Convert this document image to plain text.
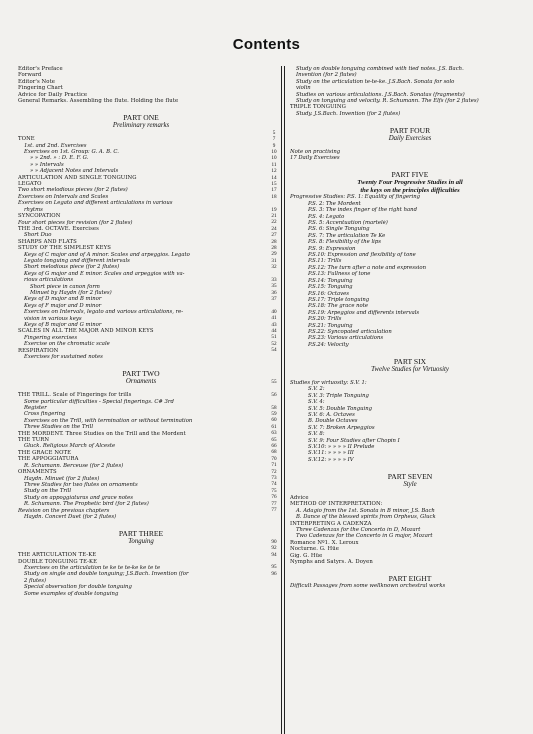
Contents
Editor's Preface
Forward
Editor's Note
Fingering Chart
Advice for Daily Practice
General Remarks. Assembling the flute. Holding the flute
PART ONE
Preliminary remarks
TONE
1st. and 2nd. Exercises
Exercises on 1st. Group: G. A. B. C.
» » 2nd. » : D. E. F. G.
» » Intervals
» » Adjacent Notes and Intervals
ARTICULATION AND SINGLE TONGUING
LEGATO
Two short melodious pieces (for 2 flutes)
Exercises on Intervals and Scales
Exercises on Legato and different articulations in various
rhytms
SYNCOPATION
Four short pieces for revision (for 2 flutes)
THE 3rd. OCTAVE. Exercises
Short Duo
SHARPS AND FLATS
STUDY OF THE SIMPLEST KEYS
Keys of C major and of A minor. Scales and arpeggios. Legato
Legato tonguing and different intervals
Short melodious piece (for 2 flutes)
Keys of G major and E minor. Scales and arpeggios with va-
rious articulations
Short piece in canon form
Minuet by Haydn (for 2 flutes)
Keys of D major and B minor
Keys of F major and D minor
Exercises on Intervals, legato and various articulations, re-
vision in various keys
Keys of B major and G minor
SCALES IN ALL THE MAJOR AND MINOR KEYS
Fingering exercises
Exercise on the chromatic scale
RESPIRATION
Exercises for sustained notes
PART TWO
Ornaments
THE TRILL. Scale of Fingerings for trills
Some particular difficulties - Special fingerings. C# 3rd
Register
Cross fingering
Exercises on the Trill, with termination or without termination
Three Studies on the Trill
THE MORDENT. Three Studies on the Trill and the Mordent
THE TURN
Gluck. Religious March of Alceste
THE GRACE NOTE
THE APPOGGIATURA
R. Schumann. Berceuse (for 2 flutes)
ORNAMENTS
Haydn. Minuet (for 2 flutes)
Three Studies for two flutes on ornaments
Study on the Trill
Study on appoggiaturas and grace notes
R. Schumann. The Prophetic bird (for 2 flutes)
Revision on the previous chapters
Haydn. Concert Duet (for 2 flutes)
PART THREE
Tonguing
THE ARTICULATION TE-KE
DOUBLE TONGUING TE-KE
Exercises on the articulation te ke te te-ke ke te te
Study on single and double tonguing; J.S.Bach. Invention (for
2 flutes)
Special observation for double tonguing
Some examples of double tonguing
5
7
9
10
10
11
12
14
15
17
18
19
21
22
24
27
28
28
29
31
32
33
35
36
37
40
41
43
44
51
52
54
55
56
58
59
60
61
63
65
66
68
70
71
72
73
74
75
76
77
77
90
92
94
95
96
Study on double tonguing combined with tied notes. J.S. Bach.
Invention (for 2 flutes)
Study on the articulation te-te-ke. J.S.Bach. Sonata for solo
violin
Studies on various articulations. J.S.Bach. Sonatas (fragments)
Study on tonguing and velocity. R. Schumann. The Elfs (for 2 flutes)
TRIPLE TONGUING
Study. J.S.Bach. Invention (for 2 flutes)
PART FOUR
Daily Exercises
Note on practising
17 Daily Exercises
PART FIVE
Twenty Four Progressive Studies in all
the keys on the principles difficulties
Progressive Studies: P.S. 1: Equality of fingering
P.S. 2: The Mordent
P.S. 3: The index finger of the right hand
P.S. 4: Legato
P.S. 5: Accentuation (martelé)
P.S. 6: Single Tonguing
P.S. 7: The articulation Te Ke
P.S. 8: Flexibility of the lips
P.S. 9: Expression
P.S.10: Expression and flexibility of tone
P.S.11: Trills
P.S.12: The turn after a note and expression
P.S.13: Fullness of tone
P.S.14: Tonguing
P.S.15: Tonguing
P.S.16: Octaves
P.S.17: Triple tonguing
P.S.18: The grace note
P.S.19: Arpeggios and differents intervals
P.S.20: Trills
P.S.21: Tonguing
P.S.22: Syncopated articulation
P.S.23: Various articulations
P.S.24: Velocity
PART SIX
Twelve Studies for Virtuosity
Studies for virtuosity: S.V. 1:
S.V. 2:
S.V. 3: Triple Tonguing
S.V. 4:
S.V. 5: Double Tonguing
S.V. 6: A. Octaves
B. Double Octaves
S.V. 7: Broken Arpeggios
S.V. 8:
S.V. 9: Four Studies after Chopin I
S.V.10: » » » » II Prelude
S.V.11: » » » » III
S.V.12: » » » » IV
PART SEVEN
Style
Advice
METHOD OF INTERPRETATION:
A. Adagio from the 1st. Sonata in B minor, J.S. Bach
B. Dance of the blessed spirits from Orpheus, Gluck
INTERPRETING A CADENZA
Three Cadenzas for the Concerto in D, Mozart
Two Cadenzas for the Concerto in G major, Mozart
Romance Nº1. X. Leroux
Nocturne. G. Hüe
Gig. G. Hüe
Nymphs and Satyrs. A. Doyen
PART EIGHT
Difficult Passages from some wellknown orchestral works
